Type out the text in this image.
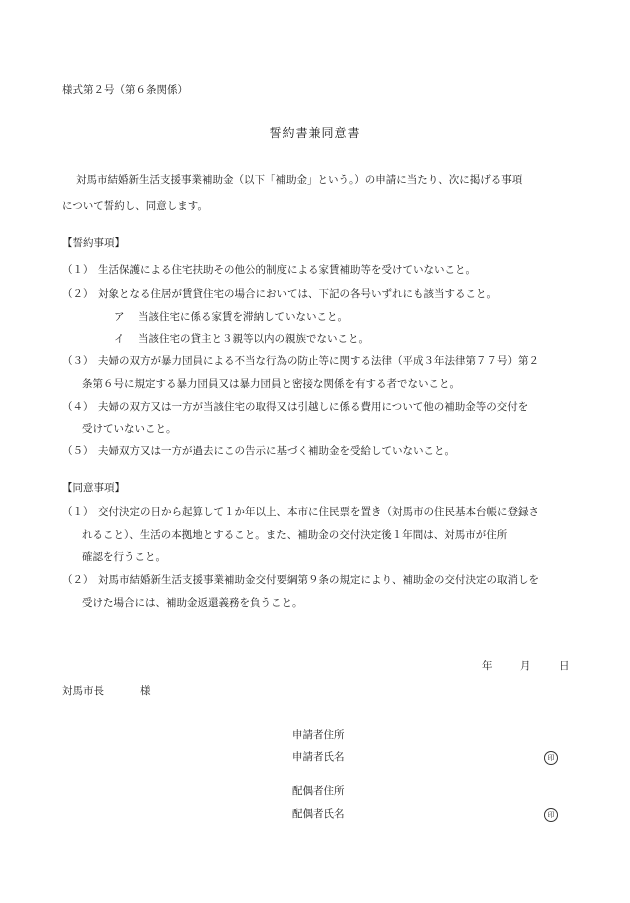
様式第２号（第６条関係）
誓約書兼同意書
対馬市結婚新生活支援事業補助金（以下「補助金」という。）の申請に当たり、次に掲げる事項
について誓約し、同意します。
【誓約事項】
（１） 生活保護による住宅扶助その他公的制度による家賃補助等を受けていないこと。
（２） 対象となる住居が賃貸住宅の場合においては、下記の各号いずれにも該当すること。
ア 当該住宅に係る家賃を滞納していないこと。
イ 当該住宅の貸主と３親等以内の親族でないこと。
（３） 夫婦の双方が暴力団員による不当な行為の防止等に関する法律（平成３年法律第７７号）第２
条第６号に規定する暴力団員又は暴力団員と密接な関係を有する者でないこと。
（４） 夫婦の双方又は一方が当該住宅の取得又は引越しに係る費用について他の補助金等の交付を
受けていないこと。
（５） 夫婦双方又は一方が過去にこの告示に基づく補助金を受給していないこと。
【同意事項】
（１） 交付決定の日から起算して１か年以上、本市に住民票を置き（対馬市の住民基本台帳に登録さ
れること）、生活の本拠地とすること。また、補助金の交付決定後１年間は、対馬市が住所
確認を行うこと。
（２） 対馬市結婚新生活支援事業補助金交付要綱第９条の規定により、補助金の交付決定の取消しを
受けた場合には、補助金返還義務を負うこと。
年	月	日
対馬市長	様
申請者住所
申請者氏名	印
配偶者住所
配偶者氏名	印
